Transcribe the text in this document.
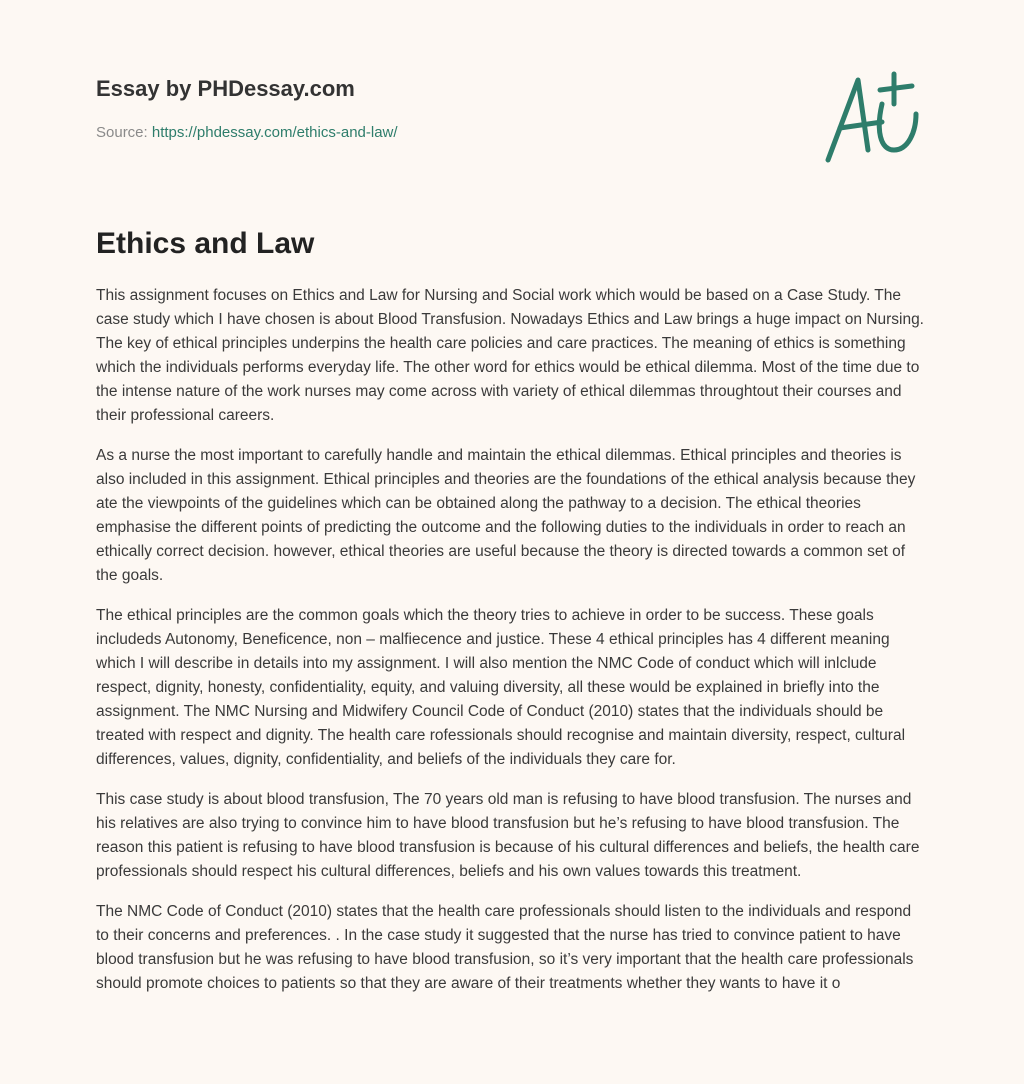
Essay by PHDessay.com
Source: https://phdessay.com/ethics-and-law/
Ethics and Law

This assignment focuses on Ethics and Law for Nursing and Social work which would be based on a Case Study. The case study which I have chosen is about Blood Transfusion. Nowadays Ethics and Law brings a huge impact on Nursing. The key of ethical principles underpins the health care policies and care practices. The meaning of ethics is something which the individuals performs everyday life. The other word for ethics would be ethical dilemma. Most of the time due to the intense nature of the work nurses may come across with variety of ethical dilemmas throughtout their courses and their professional careers.

As a nurse the most important to carefully handle and maintain the ethical dilemmas. Ethical principles and theories is also included in this assignment. Ethical principles and theories are the foundations of the ethical analysis because they ate the viewpoints of the guidelines which can be obtained along the pathway to a decision. The ethical theories emphasise the different points of predicting the outcome and the following duties to the individuals in order to reach an ethically correct decision. however, ethical theories are useful because the theory is directed towards a common set of the goals.

The ethical principles are the common goals which the theory tries to achieve in order to be success. These goals includeds Autonomy, Beneficence, non – malfiecence and justice. These 4 ethical principles has 4 different meaning which I will describe in details into my assignment. I will also mention the NMC Code of conduct which will inlclude respect, dignity, honesty, confidentiality, equity, and valuing diversity, all these would be explained in briefly into the assignment. The NMC Nursing and Midwifery Council Code of Conduct (2010) states that the individuals should be treated with respect and dignity. The health care rofessionals should recognise and maintain diversity, respect, cultural differences, values, dignity, confidentiality, and beliefs of the individuals they care for.

This case study is about blood transfusion, The 70 years old man is refusing to have blood transfusion. The nurses and his relatives are also trying to convince him to have blood transfusion but he’s refusing to have blood transfusion. The reason this patient is refusing to have blood transfusion is because of his cultural differences and beliefs, the health care professionals should respect his cultural differences, beliefs and his own values towards this treatment.

The NMC Code of Conduct (2010) states that the health care professionals should listen to the individuals and respond to their concerns and preferences. . In the case study it suggested that the nurse has tried to convince patient to have blood transfusion but he was refusing to have blood transfusion, so it’s very important that the health care professionals should promote choices to patients so that they are aware of their treatments whether they wants to have it o
